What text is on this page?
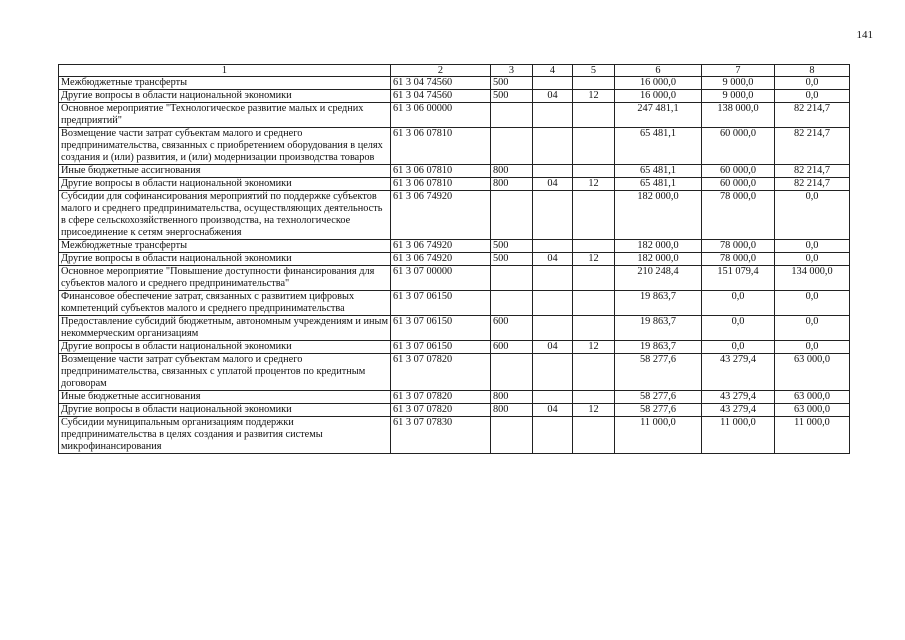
141
1	2	3	4	5	6	7	8
Межбюджетные трансферты	61 3 04 74560	500			16 000,0	9 000,0	0,0
Другие вопросы в области национальной экономики	61 3 04 74560	500	04	12	16 000,0	9 000,0	0,0
Основное мероприятие "Технологическое развитие малых и средних предприятий"	61 3 06 00000				247 481,1	138 000,0	82 214,7
Возмещение части затрат субъектам малого и среднего предпринимательства, связанных с приобретением оборудования в целях создания и (или) развития, и (или) модернизации производства товаров	61 3 06 07810				65 481,1	60 000,0	82 214,7
Иные бюджетные ассигнования	61 3 06 07810	800			65 481,1	60 000,0	82 214,7
Другие вопросы в области национальной экономики	61 3 06 07810	800	04	12	65 481,1	60 000,0	82 214,7
Субсидии для софинансирования мероприятий по поддержке субъектов малого и среднего предпринимательства, осуществляющих деятельность в сфере сельскохозяйственного производства, на технологическое присоединение к сетям энергоснабжения	61 3 06 74920				182 000,0	78 000,0	0,0
Межбюджетные трансферты	61 3 06 74920	500			182 000,0	78 000,0	0,0
Другие вопросы в области национальной экономики	61 3 06 74920	500	04	12	182 000,0	78 000,0	0,0
Основное мероприятие "Повышение доступности финансирования для субъектов малого и среднего предпринимательства"	61 3 07 00000				210 248,4	151 079,4	134 000,0
Финансовое обеспечение затрат, связанных с развитием цифровых компетенций субъектов малого и среднего предпринимательства	61 3 07 06150				19 863,7	0,0	0,0
Предоставление субсидий бюджетным, автономным учреждениям и иным некоммерческим организациям	61 3 07 06150	600			19 863,7	0,0	0,0
Другие вопросы в области национальной экономики	61 3 07 06150	600	04	12	19 863,7	0,0	0,0
Возмещение части затрат субъектам малого и среднего предпринимательства, связанных с уплатой процентов по кредитным договорам	61 3 07 07820				58 277,6	43 279,4	63 000,0
Иные бюджетные ассигнования	61 3 07 07820	800			58 277,6	43 279,4	63 000,0
Другие вопросы в области национальной экономики	61 3 07 07820	800	04	12	58 277,6	43 279,4	63 000,0
Субсидии муниципальным организациям поддержки предпринимательства в целях создания и развития системы микрофинансирования	61 3 07 07830				11 000,0	11 000,0	11 000,0
